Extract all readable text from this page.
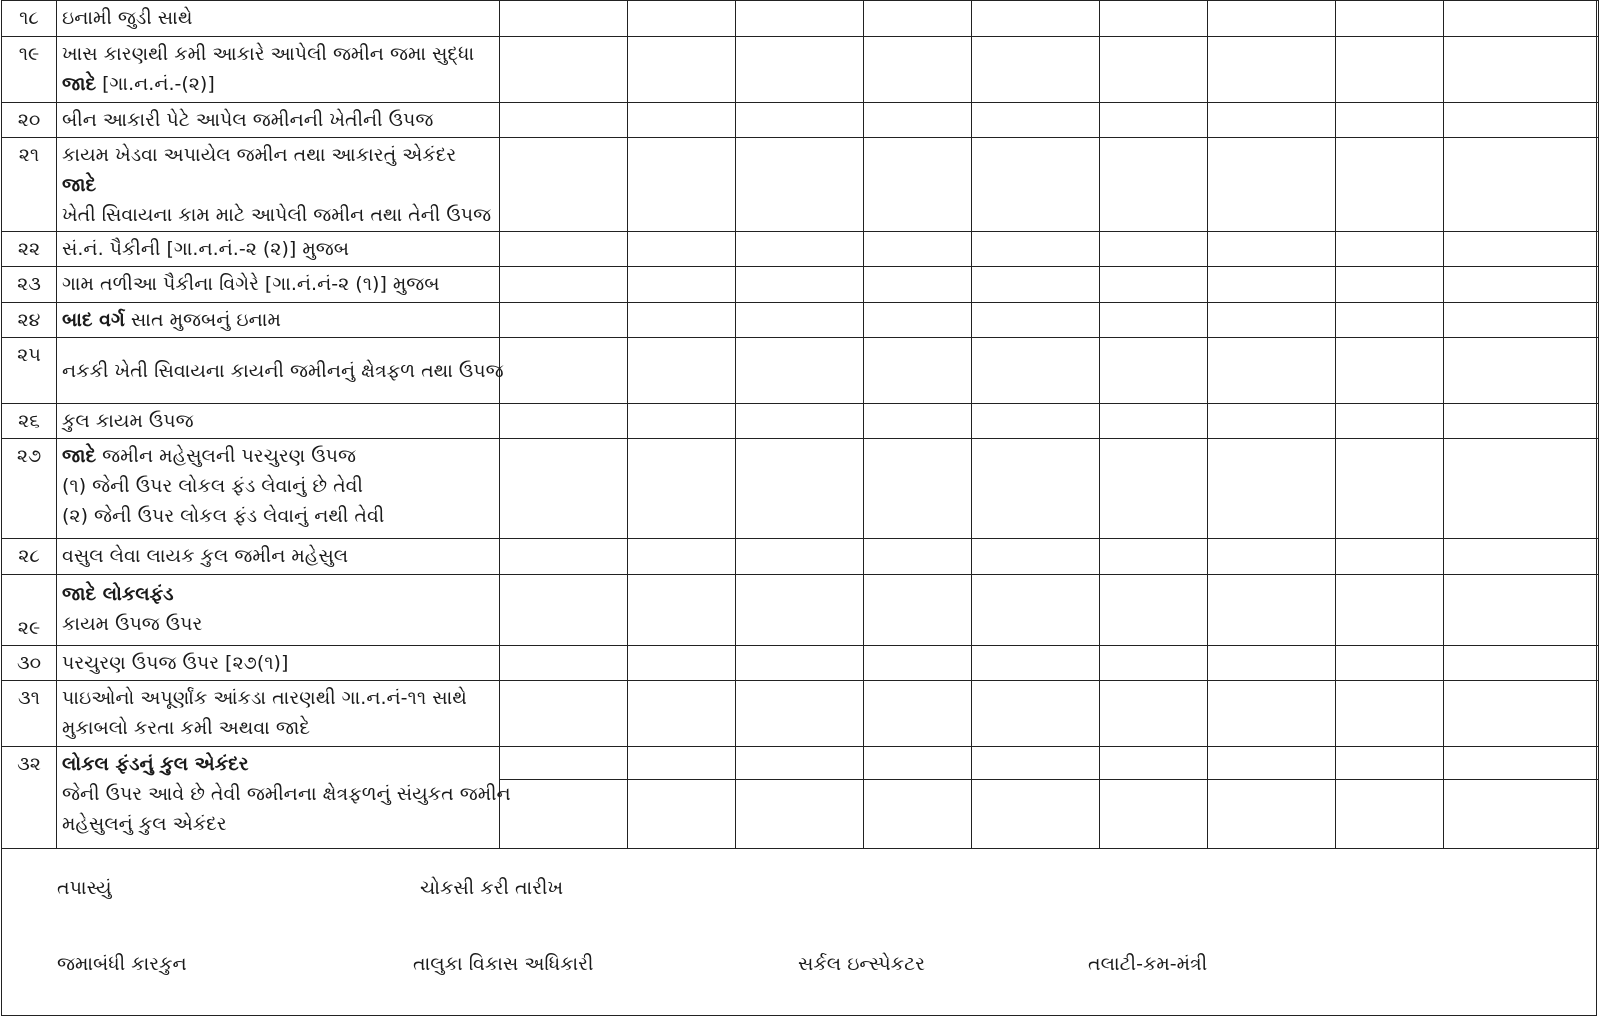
૧૮	ઇનામી જુડી સાથે									

૧૯	ખાસ કારણથી કમી આકારે આપેલી જમીન જમા સુદ્ધા
જાદે [ગા.ન.નં.-(૨)]									

૨૦	બીન આકારી પેટે આપેલ જમીનની ખેતીની ઉપજ									

૨૧	કાયમ ખેડવા અપાયેલ જમીન તથા આકારતું એકંદર
જાદે
ખેતી સિવાયના કામ માટે આપેલી જમીન તથા તેની ઉપજ									

૨૨	સં.નં. પૈકીની [ગા.ન.નં.-૨ (૨)] મુજબ									

૨૩	ગામ તળીઆ પૈકીના વિગેરે [ગા.નં.નં-૨ (૧)] મુજબ									

૨૪	બાદ વર્ગ સાત મુજબનું ઇનામ									

૨૫	નકકી ખેતી સિવાયના કાયની જમીનનું ક્ષેત્રફળ તથા ઉપજ									

૨૬	કુલ કાયમ ઉપજ									

૨૭	જાદે જમીન મહેસુલની પરચુરણ ઉપજ
(૧) જેની ઉપર લોકલ ફંડ લેવાનું છે તેવી
(૨) જેની ઉપર લોકલ ફંડ લેવાનું નથી તેવી									

૨૮	વસુલ લેવા લાયક કુલ જમીન મહેસુલ									

૨૯	જાદે લોકલફંડ
કાયમ ઉપજ ઉપર									

૩૦	પરચુરણ ઉપજ ઉપર [૨૭(૧)]									

૩૧	પાઇઓનો અપૂર્ણાંક આંકડા તારણથી ગા.ન.નં-૧૧ સાથે
મુકાબલો કરતા કમી અથવા જાદે									

૩૨	લોકલ ફંડનું કુલ એકંદર
જેની ઉપર આવે છે તેવી જમીનના ક્ષેત્રફળનું સંયુકત જમીન
મહેસુલનું કુલ એકંદર									

તપાસ્યું	ચોકસી કરી તારીખ
જમાબંધી કારકુન	તાલુકા વિકાસ અધિકારી	સર્કલ ઇન્સ્પેકટર	તલાટી-કમ-મંત્રી
